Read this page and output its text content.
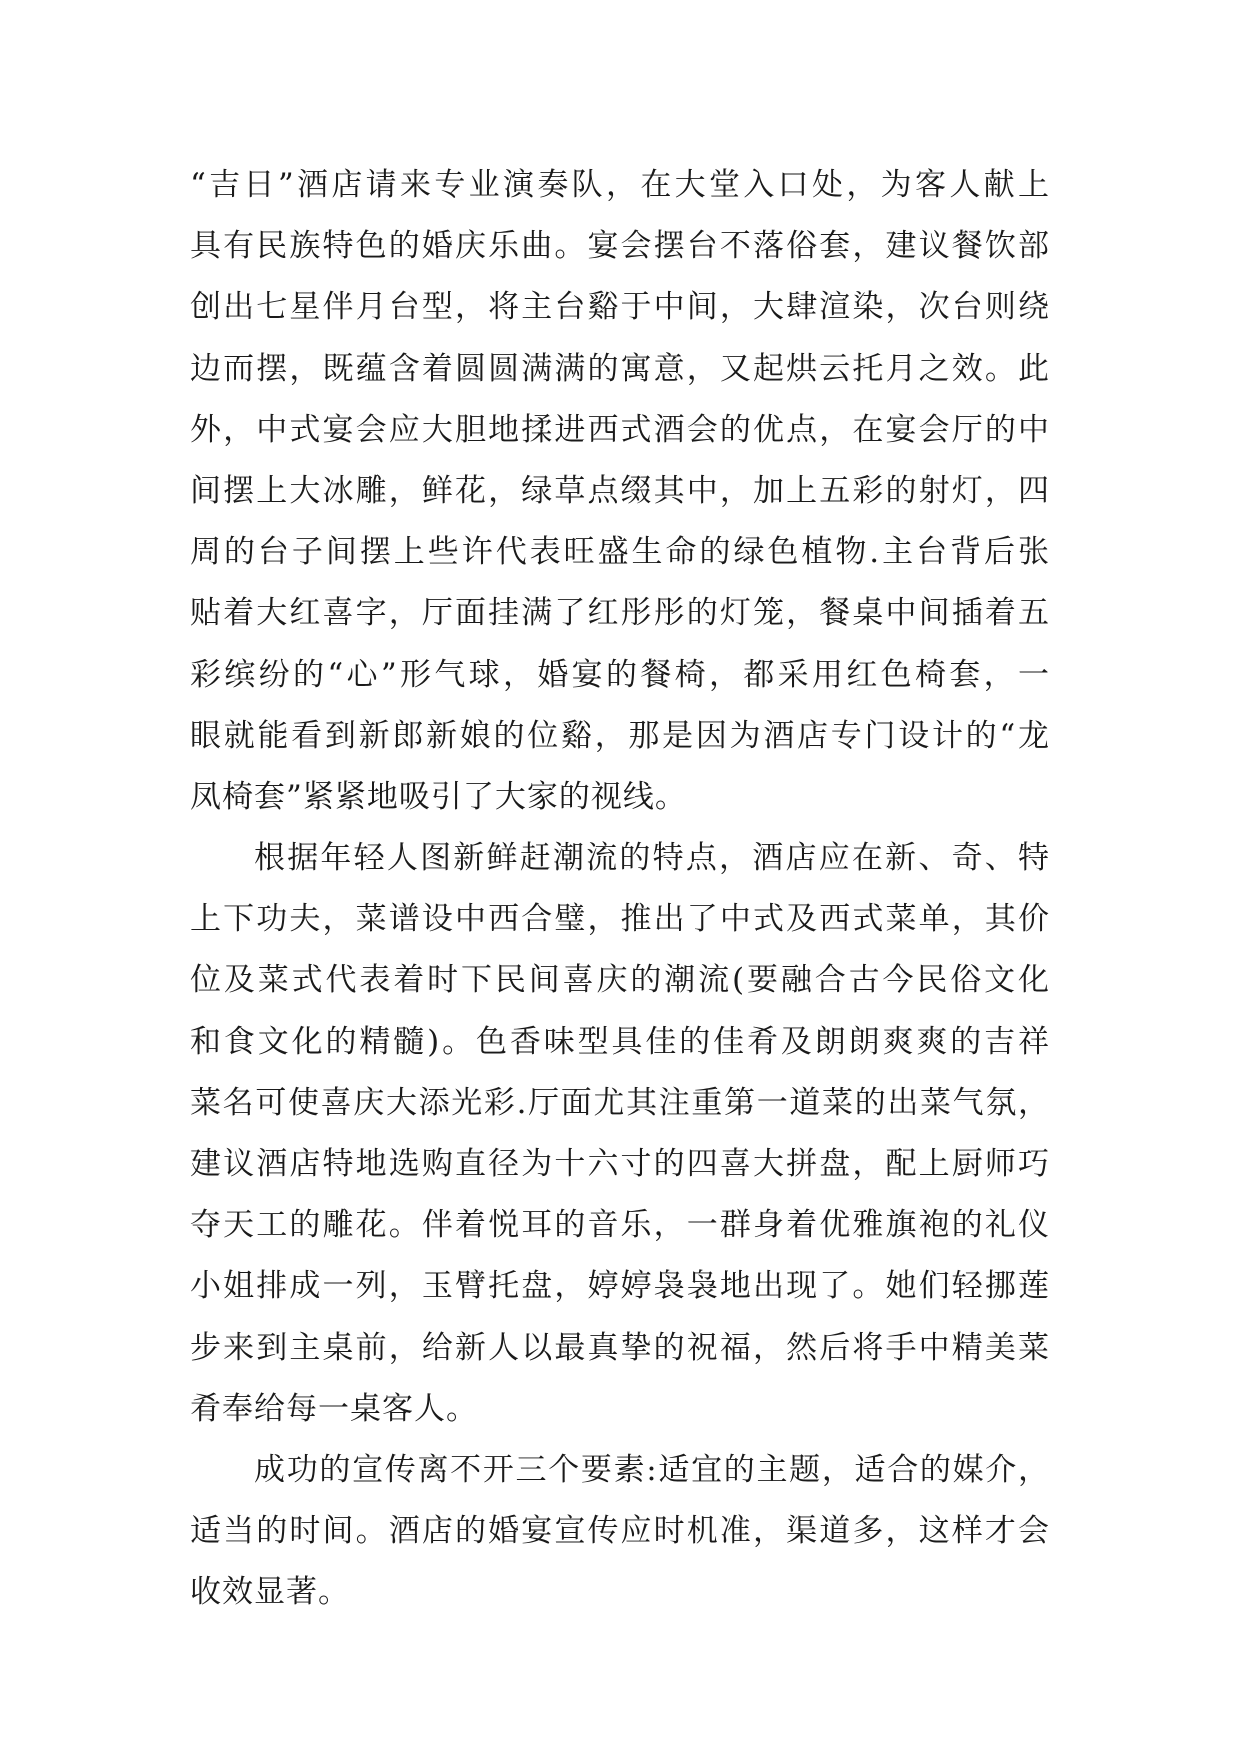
“吉日”酒店请来专业演奏队，在大堂入口处，为客人献上
具有民族特色的婚庆乐曲。宴会摆台不落俗套，建议餐饮部
创出七星伴月台型，将主台谿于中间，大肆渲染，次台则绕
边而摆，既蕴含着圆圆满满的寓意，又起烘云托月之效。此
外，中式宴会应大胆地揉进西式酒会的优点，在宴会厅的中
间摆上大冰雕，鲜花，绿草点缀其中，加上五彩的射灯，四
周的台子间摆上些许代表旺盛生命的绿色植物.主台背后张
贴着大红喜字，厅面挂满了红彤彤的灯笼，餐桌中间插着五
彩缤纷的“心”形气球，婚宴的餐椅，都采用红色椅套，一
眼就能看到新郎新娘的位谿，那是因为酒店专门设计的“龙
凤椅套”紧紧地吸引了大家的视线。
根据年轻人图新鲜赶潮流的特点，酒店应在新、奇、特
上下功夫，菜谱设中西合璧，推出了中式及西式菜单，其价
位及菜式代表着时下民间喜庆的潮流(要融合古今民俗文化
和食文化的精髓)。色香味型具佳的佳肴及朗朗爽爽的吉祥
菜名可使喜庆大添光彩.厅面尤其注重第一道菜的出菜气氛，
建议酒店特地选购直径为十六寸的四喜大拼盘，配上厨师巧
夺天工的雕花。伴着悦耳的音乐，一群身着优雅旗袍的礼仪
小姐排成一列，玉臂托盘，婷婷袅袅地出现了。她们轻挪莲
步来到主桌前，给新人以最真挚的祝福，然后将手中精美菜
肴奉给每一桌客人。
成功的宣传离不开三个要素:适宜的主题，适合的媒介，
适当的时间。酒店的婚宴宣传应时机准，渠道多，这样才会
收效显著。
